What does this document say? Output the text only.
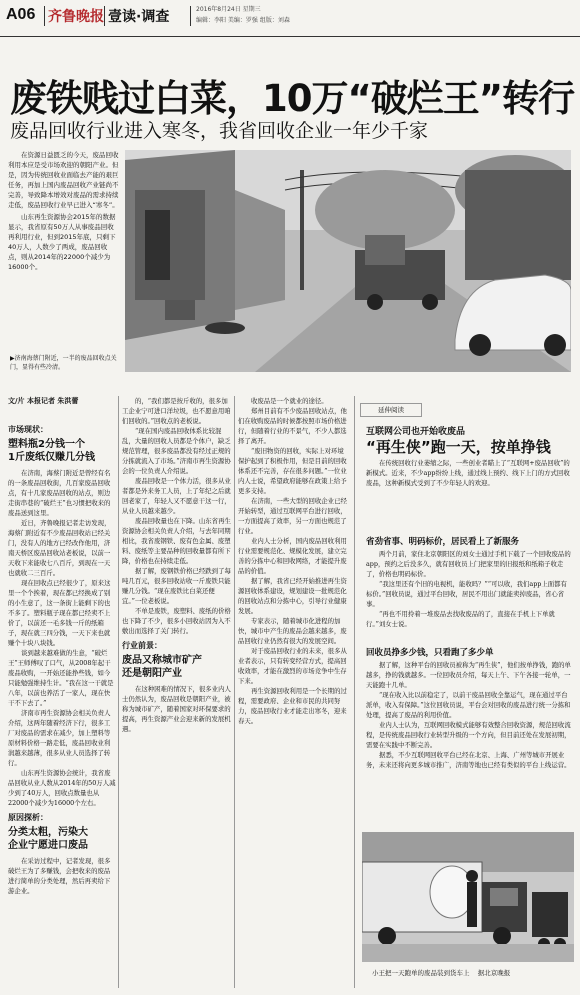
A06 齐鲁晚报 壹读·调查	2016年8月24日 星期三
编辑：李阳 美编：罗强 组版：刘森
废铁贱过白菜，10万“破烂王”转行
废品回收行业进入寒冬，我省回收企业一年少千家

在资源日益匮乏的今天，废品回收利用本应是受市场欢迎的朝阳产业。但是，因为传统回收业面临去产能的艰巨任务，再加上国内废品回收产业链尚不完善，导致降本增效对废品的需求持续走低，废品回收行业早已进入“寒冬”。

山东再生资源协会2015年的数据显示，我省原有50万人从事废品回收再利用行业，但到2015年底，只剩下40万人，人数少了两成，废品回收点，则从2014年的22000个减少为16000个。

▶济南海蔡门附近，一半的废品回收点关门，显得有些冷清。
文/片 本报记者 朱洪蕾
市场现状：
塑料瓶2分钱一个
1斤废纸仅赚几分钱

在济南，海蔡门附近是曾经有名的一条废品回收街，几百家废品回收点，有十几家废品回收的站点，则边走街串巷的“破烂王”也习惯把收来的废品送到这里。

近日，齐鲁晚报记者走访发现，海蔡门附近有不少废品回收站已经关门，没有人的地方已经改作他用，济南天桥区废品回收站老板说，以前一天收下来能收七八百斤，到现在一天也就收二三百斤。

现在回收点已经很少了，原来这里一个个挨着，现在都已经换成了别的小生意了，这一条街上能剩下的也不多了。塑料瓶子现在都已经卖不上价了，以前还一毛多钱一斤的纸箱子，现在就三四分钱，一天下来也就赚个十块八块钱。

谈到越来越难做的生意，“破烂王”王师傅叹了口气，从2008年起干废品收购，一开始还能挣些钱，如今只能勉强维持生计。“我在这一干就是八年，以前也养活了一家人，现在快干不下去了。”

济南市再生资源协会相关负责人介绍，这两年随着经济下行，很多工厂对废品的需求在减少，加上塑料等原材料价格一路走低，废品回收业利润越来越薄，很多从业人员选择了转行。

山东再生资源协会统计，我省废品回收从业人数从2014年的50万人减少到了40万人，回收点数量也从22000个减少为16000个左右。

原因探析：
分类太粗，污染大
企业宁愿进口废品

在采访过程中，记者发现，很多破烂王为了多赚钱，会把收来的废品进行简单的分类处理，然后再卖给下游企业。

的，“我们都是按斤收的，很多加工企业宁可进口洋垃圾，也不愿意用咱们回收的。”回收点的老板说。

“现在国内废品回收体系比较混乱，大量的回收人员都是个体户，缺乏规范管理，很多废品都没有经过正规的分拣就流入了市场。”济南市再生资源协会的一位负责人介绍说。

废品回收是一个体力活，很多从业者都是外来务工人员，上了年纪之后就回老家了，年轻人又不愿意干这一行，从业人员越来越少。

废品回收量也在下降。山东省再生资源协会相关负责人介绍，与去年同期相比，我省废钢铁、废有色金属、废塑料、废纸等主要品种的回收量都有所下降，价格也在持续走低。

据了解，废钢铁价格已经跌到了每吨几百元，很多回收站收一斤废铁只能赚几分钱。“现在废铁比白菜还便宜。”一位老板说。

不单是废铁，废塑料、废纸的价格也下降了不少，很多小回收站因为入不敷出而选择了关门转行。

行业前景：
废品又称城市矿产
还是朝阳产业

在这种困难的情况下，很多业内人士仍然认为，废品回收是朝阳产业，被称为城市矿产，随着国家对环保要求的提高，再生资源产业会迎来新的发展机遇。

收废品是一个就业的途径。

郑州目前有不少废品回收站点，他们在收购废品的时候都按照市场价格进行，但随着行业的不景气，不少人都选择了离开。

“废旧物资的回收，实际上对环境保护起到了积极作用，但是目前的回收体系还不完善，存在很多问题。”一位业内人士说，希望政府能够在政策上给予更多支持。

在济南，一些大型的回收企业已经开始转型，通过互联网平台进行回收，一方面提高了效率，另一方面也规范了行业。

业内人士分析，国内废品回收利用行业需要规范化、规模化发展，建立完善的分拣中心和回收网络，才能提升废品的价值。

据了解，我省已经开始推进再生资源回收体系建设，规划建设一批规范化的回收站点和分拣中心，引导行业健康发展。

专家表示，随着城市化进程的加快，城市中产生的废品会越来越多，废品回收行业仍然有很大的发展空间。

对于废品回收行业的未来，很多从业者表示，只有转变经营方式，提高回收效率，才能在激烈的市场竞争中生存下来。

再生资源回收利用是一个长期的过程，需要政府、企业和市民的共同努力，废品回收行业才能走出寒冬，迎来春天。

延伸阅读
互联网公司也开始收废品
“再生侠”跑一天，按单挣钱

在传统回收行业萎缩之际，一些创业者瞄上了“互联网+废品回收”的新模式。近来，不少app纷纷上线，通过线上预约、线下上门的方式回收废品，这种新模式受到了不少年轻人的欢迎。

省劲省事、明码标价，居民看上了新服务

两个月前，家住北京朝阳区的刘女士通过手机下载了一个回收废品的app，预约之后没多久，就有回收员上门把家里的旧报纸和纸箱子收走了，价格也明码标价。

“我这里还有个旧的电视机，能收吗？”“可以收，我们app上面都有标价。”回收员说，通过平台回收，居民不用出门就能卖掉废品，省心省事。

“再也不用拎着一堆废品去找收废品的了，直接在手机上下单就行。”刘女士说。

回收员挣多少钱，只看跑了多少单

据了解，这种平台的回收员被称为“再生侠”，他们按单挣钱，跑的单越多，挣的钱就越多。一位回收员介绍，每天上午、下午各接一轮单，一天能跑十几单。

“现在收入比以前稳定了，以前干废品回收全靠运气，现在通过平台派单，收入有保障。”这位回收员说，平台会对回收的废品进行统一分拣和处理，提高了废品的利用价值。

业内人士认为，互联网回收模式能够有效整合回收资源，规范回收流程，是传统废品回收行业转型升级的一个方向，但目前还处在发展初期，需要在实践中不断完善。

据悉，不少互联网回收平台已经在北京、上海、广州等城市开展业务，未来还将向更多城市推广，济南等地也已经有类似的平台上线运营。

小王把一天跑单的废品装到货车上 据北京晚报
